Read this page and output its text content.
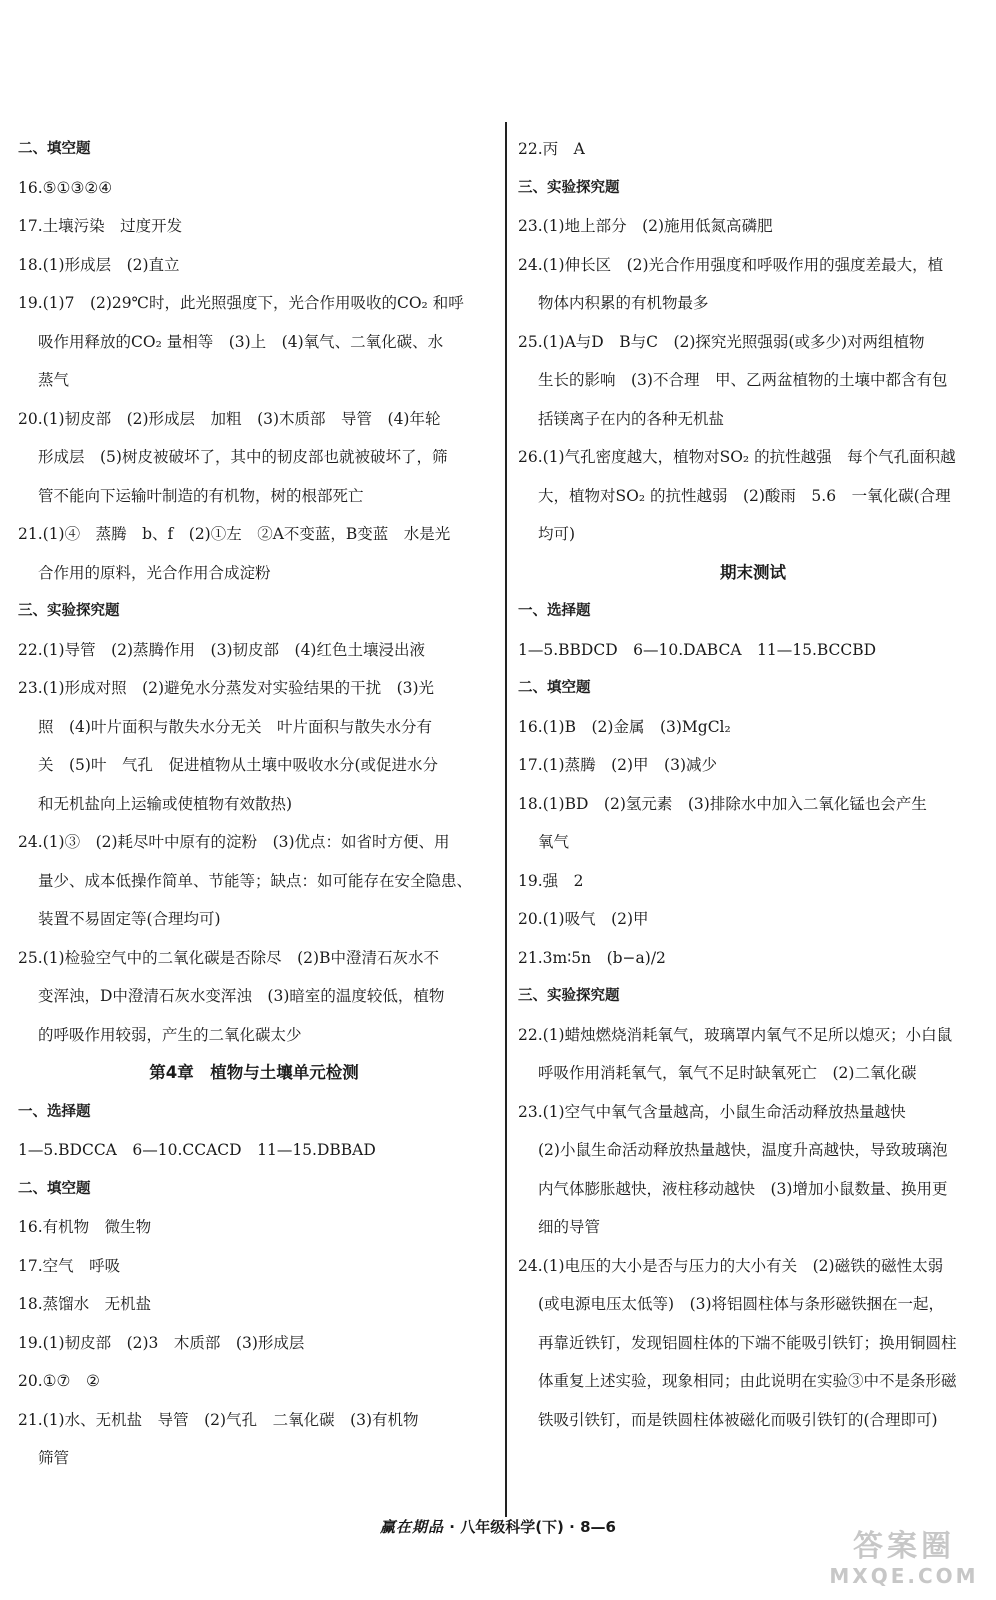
二、填空题
16.⑤①③②④
17.土壤污染　过度开发
18.(1)形成层　(2)直立
19.(1)7　(2)29℃时，此光照强度下，光合作用吸收的CO₂ 和呼
吸作用释放的CO₂ 量相等　(3)上　(4)氧气、二氧化碳、水
蒸气
20.(1)韧皮部　(2)形成层　加粗　(3)木质部　导管　(4)年轮
形成层　(5)树皮被破坏了，其中的韧皮部也就被破坏了，筛
管不能向下运输叶制造的有机物，树的根部死亡
21.(1)④　蒸腾　b、f　(2)①左　②A不变蓝，B变蓝　水是光
合作用的原料，光合作用合成淀粉
三、实验探究题
22.(1)导管　(2)蒸腾作用　(3)韧皮部　(4)红色土壤浸出液
23.(1)形成对照　(2)避免水分蒸发对实验结果的干扰　(3)光
照　(4)叶片面积与散失水分无关　叶片面积与散失水分有
关　(5)叶　气孔　促进植物从土壤中吸收水分(或促进水分
和无机盐向上运输或使植物有效散热)
24.(1)③　(2)耗尽叶中原有的淀粉　(3)优点：如省时方便、用
量少、成本低操作简单、节能等；缺点：如可能存在安全隐患、
装置不易固定等(合理均可)
25.(1)检验空气中的二氧化碳是否除尽　(2)B中澄清石灰水不
变浑浊，D中澄清石灰水变浑浊　(3)暗室的温度较低，植物
的呼吸作用较弱，产生的二氧化碳太少
第4章　植物与土壤单元检测
一、选择题
1—5.BDCCA　6—10.CCACD　11—15.DBBAD
二、填空题
16.有机物　微生物
17.空气　呼吸
18.蒸馏水　无机盐
19.(1)韧皮部　(2)3　木质部　(3)形成层
20.①⑦　②
21.(1)水、无机盐　导管　(2)气孔　二氧化碳　(3)有机物
筛管
22.丙　A
三、实验探究题
23.(1)地上部分　(2)施用低氮高磷肥
24.(1)伸长区　(2)光合作用强度和呼吸作用的强度差最大，植
物体内积累的有机物最多
25.(1)A与D　B与C　(2)探究光照强弱(或多少)对两组植物
生长的影响　(3)不合理　甲、乙两盆植物的土壤中都含有包
括镁离子在内的各种无机盐
26.(1)气孔密度越大，植物对SO₂ 的抗性越强　每个气孔面积越
大，植物对SO₂ 的抗性越弱　(2)酸雨　5.6　一氧化碳(合理
均可)
期末测试
一、选择题
1—5.BBDCD　6—10.DABCA　11—15.BCCBD
二、填空题
16.(1)B　(2)金属　(3)MgCl₂
17.(1)蒸腾　(2)甲　(3)减少
18.(1)BD　(2)氢元素　(3)排除水中加入二氧化锰也会产生
氧气
19.强　2
20.(1)吸气　(2)甲
21.3m∶5n　(b−a)/2
三、实验探究题
22.(1)蜡烛燃烧消耗氧气，玻璃罩内氧气不足所以熄灭；小白鼠
呼吸作用消耗氧气，氧气不足时缺氧死亡　(2)二氧化碳
23.(1)空气中氧气含量越高，小鼠生命活动释放热量越快
(2)小鼠生命活动释放热量越快，温度升高越快，导致玻璃泡
内气体膨胀越快，液柱移动越快　(3)增加小鼠数量、换用更
细的导管
24.(1)电压的大小是否与压力的大小有关　(2)磁铁的磁性太弱
(或电源电压太低等)　(3)将铝圆柱体与条形磁铁捆在一起，
再靠近铁钉，发现铝圆柱体的下端不能吸引铁钉；换用铜圆柱
体重复上述实验，现象相同；由此说明在实验③中不是条形磁
铁吸引铁钉，而是铁圆柱体被磁化而吸引铁钉的(合理即可)
赢在期品 · 八年级科学(下) · 8—6
答案圈
MXQE.COM
